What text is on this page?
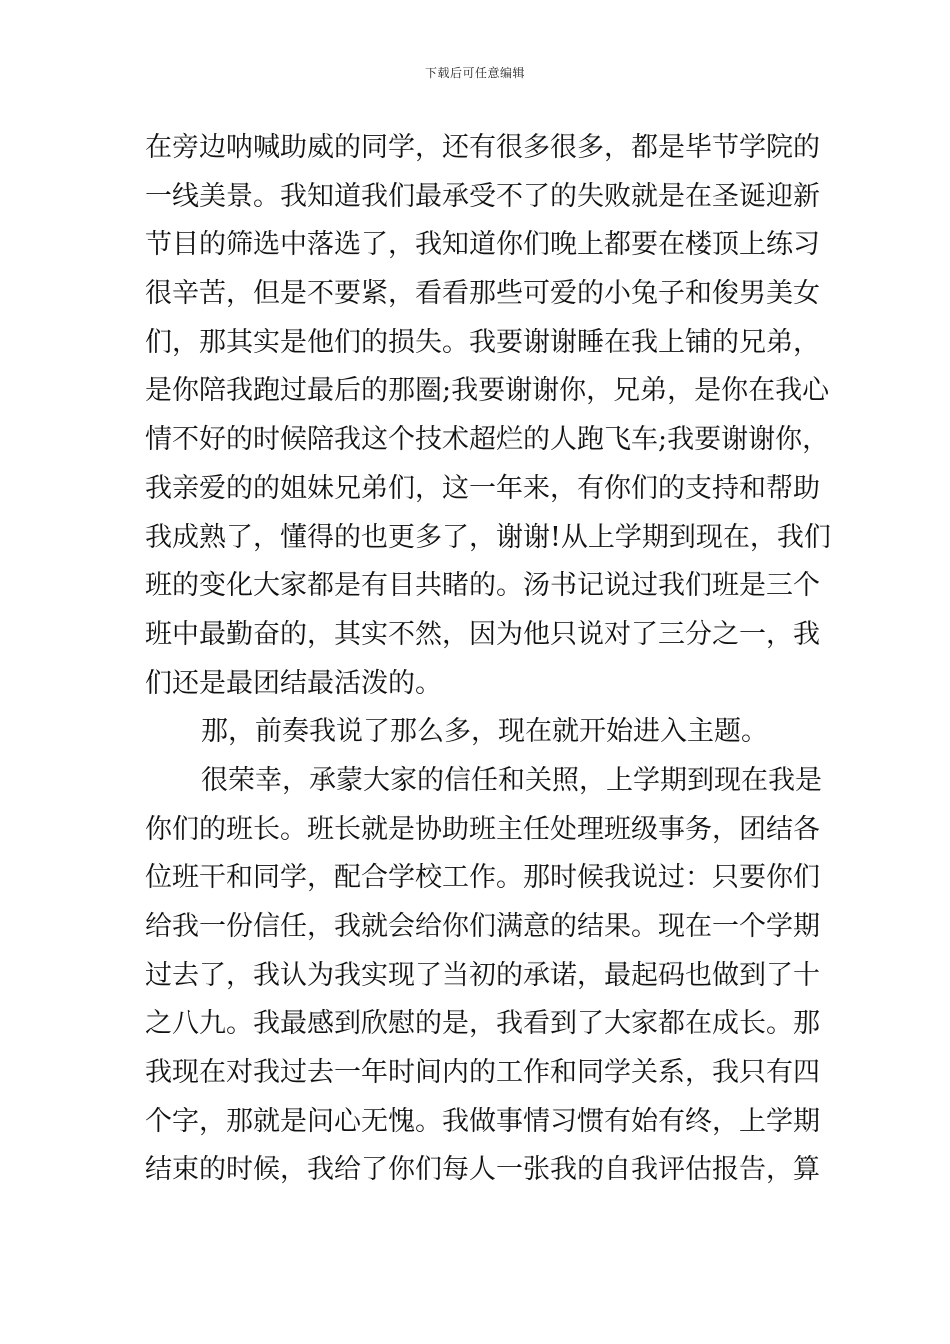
下载后可任意编辑
在旁边呐喊助威的同学，还有很多很多，都是毕节学院的
一线美景。我知道我们最承受不了的失败就是在圣诞迎新
节目的筛选中落选了，我知道你们晚上都要在楼顶上练习
很辛苦，但是不要紧，看看那些可爱的小兔子和俊男美女
们，那其实是他们的损失。我要谢谢睡在我上铺的兄弟，
是你陪我跑过最后的那圈;我要谢谢你，兄弟，是你在我心
情不好的时候陪我这个技术超烂的人跑飞车;我要谢谢你，
我亲爱的的姐妹兄弟们，这一年来，有你们的支持和帮助
我成熟了，懂得的也更多了，谢谢!从上学期到现在，我们
班的变化大家都是有目共睹的。汤书记说过我们班是三个
班中最勤奋的，其实不然，因为他只说对了三分之一，我
们还是最团结最活泼的。
那，前奏我说了那么多，现在就开始进入主题。
很荣幸，承蒙大家的信任和关照，上学期到现在我是
你们的班长。班长就是协助班主任处理班级事务，团结各
位班干和同学，配合学校工作。那时候我说过：只要你们
给我一份信任，我就会给你们满意的结果。现在一个学期
过去了，我认为我实现了当初的承诺，最起码也做到了十
之八九。我最感到欣慰的是，我看到了大家都在成长。那
我现在对我过去一年时间内的工作和同学关系，我只有四
个字，那就是问心无愧。我做事情习惯有始有终，上学期
结束的时候，我给了你们每人一张我的自我评估报告，算
